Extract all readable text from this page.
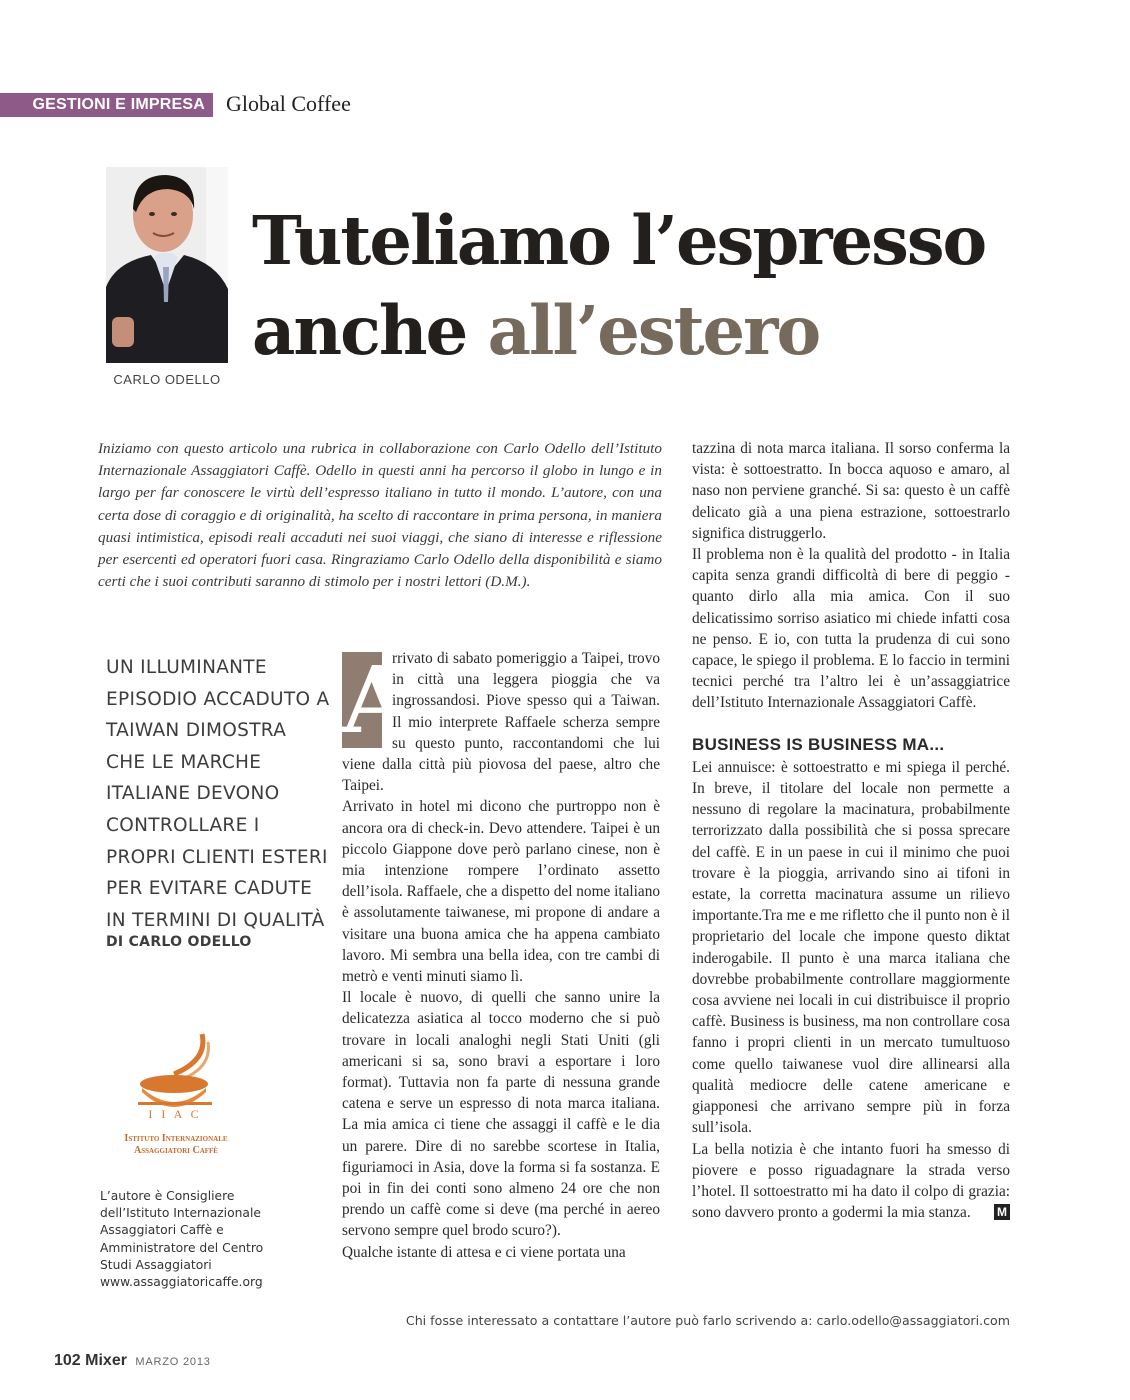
GESTIONI E IMPRESA Global Coffee
CARLO ODELLO
Tuteliamo l’espresso
anche all’estero

Iniziamo con questo articolo una rubrica in collaborazione con Carlo Odello dell’Istituto Internazionale Assaggiatori Caffè. Odello in questi anni ha percorso il globo in lungo e in largo per far conoscere le virtù dell’espresso italiano in tutto il mondo. L’autore, con una certa dose di coraggio e di originalità, ha scelto di raccontare in prima persona, in maniera quasi intimistica, episodi reali accaduti nei suoi viaggi, che siano di interesse e riflessione per esercenti ed operatori fuori casa. Ringraziamo Carlo Odello della disponibilità e siamo certi che i suoi contributi saranno di stimolo per i nostri lettori (D.M.).

UN ILLUMINANTE EPISODIO ACCADUTO A TAIWAN DIMOSTRA CHE LE MARCHE ITALIANE DEVONO CONTROLLARE I PROPRI CLIENTI ESTERI PER EVITARE CADUTE IN TERMINI DI QUALITÀ

DI CARLO ODELLO
I I A C
Istituto Internazionale
Assaggiatori Caffè
L’autore è Consigliere
dell’Istituto Internazionale
Assaggiatori Caffè e
Amministratore del Centro
Studi Assaggiatori
www.assaggiatoricaffe.org

A
rrivato di sabato pomeriggio a Taipei, trovo in città una leggera pioggia che va ingrossandosi. Piove spesso qui a Taiwan. Il mio interprete Raffaele scherza sempre su questo punto, raccontandomi che lui viene dalla città più piovosa del paese, altro che Taipei.

Arrivato in hotel mi dicono che purtroppo non è ancora ora di check-in. Devo attendere. Taipei è un piccolo Giappone dove però parlano cinese, non è mia intenzione rompere l’ordinato assetto dell’isola. Raffaele, che a dispetto del nome italiano è assolutamente taiwanese, mi propone di andare a visitare una buona amica che ha appena cambiato lavoro. Mi sembra una bella idea, con tre cambi di metrò e venti minuti siamo lì.

Il locale è nuovo, di quelli che sanno unire la delicatezza asiatica al tocco moderno che si può trovare in locali analoghi negli Stati Uniti (gli americani si sa, sono bravi a esportare i loro format). Tuttavia non fa parte di nessuna grande catena e serve un espresso di nota marca italiana. La mia amica ci tiene che assaggi il caffè e le dia un parere. Dire di no sarebbe scortese in Italia, figuriamoci in Asia, dove la forma si fa sostanza. E poi in fin dei conti sono almeno 24 ore che non prendo un caffè come si deve (ma perché in aereo servono sempre quel brodo scuro?).

Qualche istante di attesa e ci viene portata una

tazzina di nota marca italiana. Il sorso conferma la vista: è sottoestratto. In bocca aquoso e amaro, al naso non perviene granché. Si sa: questo è un caffè delicato già a una piena estrazione, sottoestrarlo significa distruggerlo.

Il problema non è la qualità del prodotto - in Italia capita senza grandi difficoltà di bere di peggio - quanto dirlo alla mia amica. Con il suo delicatissimo sorriso asiatico mi chiede infatti cosa ne penso. E io, con tutta la prudenza di cui sono capace, le spiego il problema. E lo faccio in termini tecnici perché tra l’altro lei è un’assaggiatrice dell’Istituto Internazionale Assaggiatori Caffè.

BUSINESS IS BUSINESS MA...

Lei annuisce: è sottoestratto e mi spiega il perché. In breve, il titolare del locale non permette a nessuno di regolare la macinatura, probabilmente terrorizzato dalla possibilità che si possa sprecare del caffè. E in un paese in cui il minimo che puoi trovare è la pioggia, arrivando sino ai tifoni in estate, la corretta macinatura assume un rilievo importante.Tra me e me rifletto che il punto non è il proprietario del locale che impone questo diktat inderogabile. Il punto è una marca italiana che dovrebbe probabilmente controllare maggiormente cosa avviene nei locali in cui distribuisce il proprio caffè. Business is business, ma non controllare cosa fanno i propri clienti in un mercato tumultuoso come quello taiwanese vuol dire allinearsi alla qualità mediocre delle catene americane e giapponesi che arrivano sempre più in forza sull’isola.

La bella notizia è che intanto fuori ha smesso di piovere e posso riguadagnare la strada verso l’hotel. Il sottoestratto mi ha dato il colpo di grazia: sono davvero pronto a godermi la mia stanza. M

Chi fosse interessato a contattare l’autore può farlo scrivendo a: carlo.odello@assaggiatori.com
102 Mixer MARZO 2013
